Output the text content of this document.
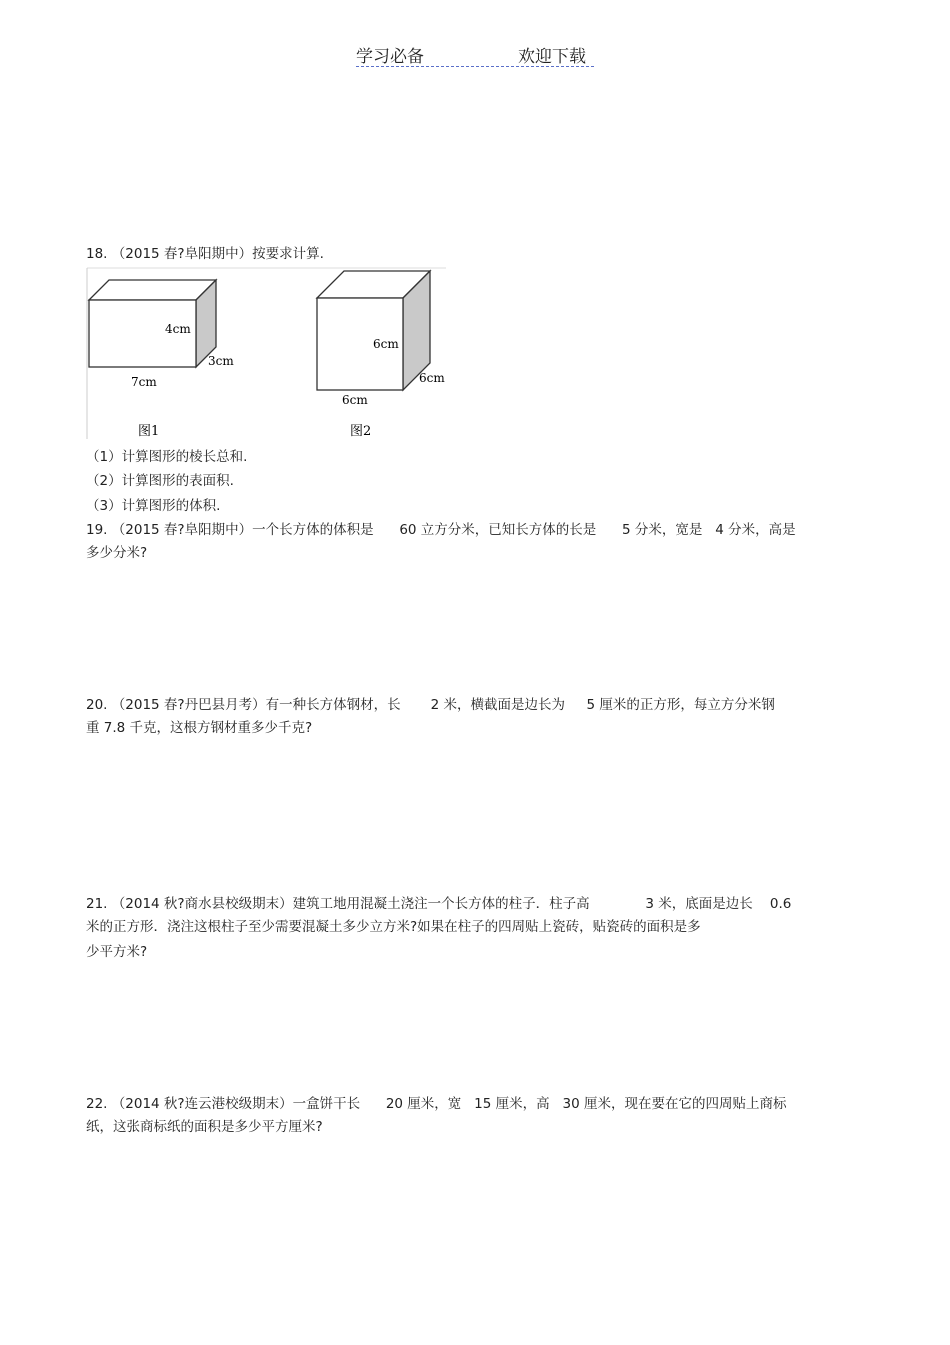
学习必备	欢迎下载
18. （2015 春?阜阳期中）按要求计算.
4cm
3cm
7cm
图1
6cm
6cm
6cm
图2
（1）计算图形的棱长总和.
（2）计算图形的表面积.
（3）计算图形的体积.
19. （2015 春?阜阳期中）一个长方体的体积是      60 立方分米，已知长方体的长是      5 分米，宽是   4 分米，高是
多少分米?
20. （2015 春?丹巴县月考）有一种长方体钢材，长       2 米，横截面是边长为     5 厘米的正方形，每立方分米钢
重 7.8 千克，这根方钢材重多少千克?
21. （2014 秋?商水县校级期末）建筑工地用混凝土浇注一个长方体的柱子．柱子高             3 米，底面是边长    0.6
米的正方形．浇注这根柱子至少需要混凝土多少立方米?如果在柱子的四周贴上瓷砖，贴瓷砖的面积是多
少平方米?
22. （2014 秋?连云港校级期末）一盒饼干长      20 厘米，宽   15 厘米，高   30 厘米，现在要在它的四周贴上商标
纸，这张商标纸的面积是多少平方厘米?
